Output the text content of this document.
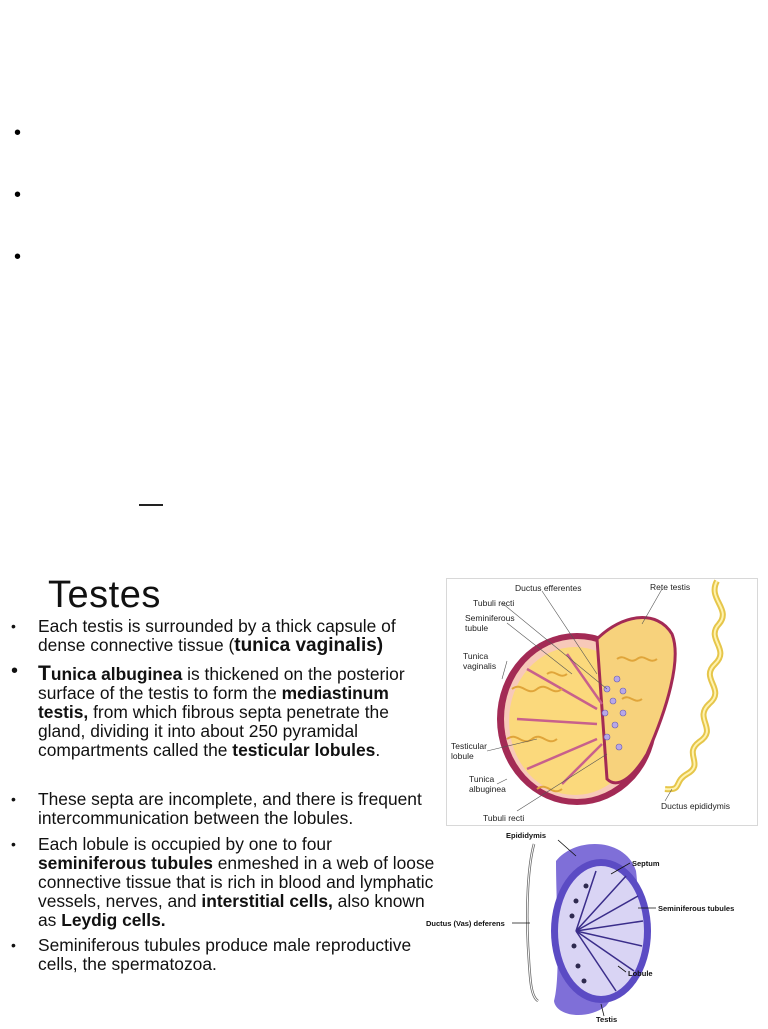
•
•
•
Testes
• Each testis is surrounded by a thick capsule of dense connective tissue (tunica vaginalis)
• Tunica albuginea is thickened on the posterior surface of the testis to form the mediastinum testis, from which fibrous septa penetrate the gland, dividing it into about 250 pyramidal compartments called the testicular lobules.
• These septa are incomplete, and there is frequent intercommunication between the lobules.
• Each lobule is occupied by one to four seminiferous tubules enmeshed in a web of loose connective tissue that is rich in blood and lymphatic vessels, nerves, and interstitial cells, also known as Leydig cells.
• Seminiferous tubules produce male reproductive cells, the spermatozoa.
Ductus efferentes	Rete testis
Tubuli recti
Seminiferous
tubule
Tunica
vaginalis
Testicular
lobule
Tunica
albuginea
Tubuli recti
Ductus epididymis
Epididymis
Septum
Seminiferous tubules
Ductus (Vas) deferens
Lobule
Testis
